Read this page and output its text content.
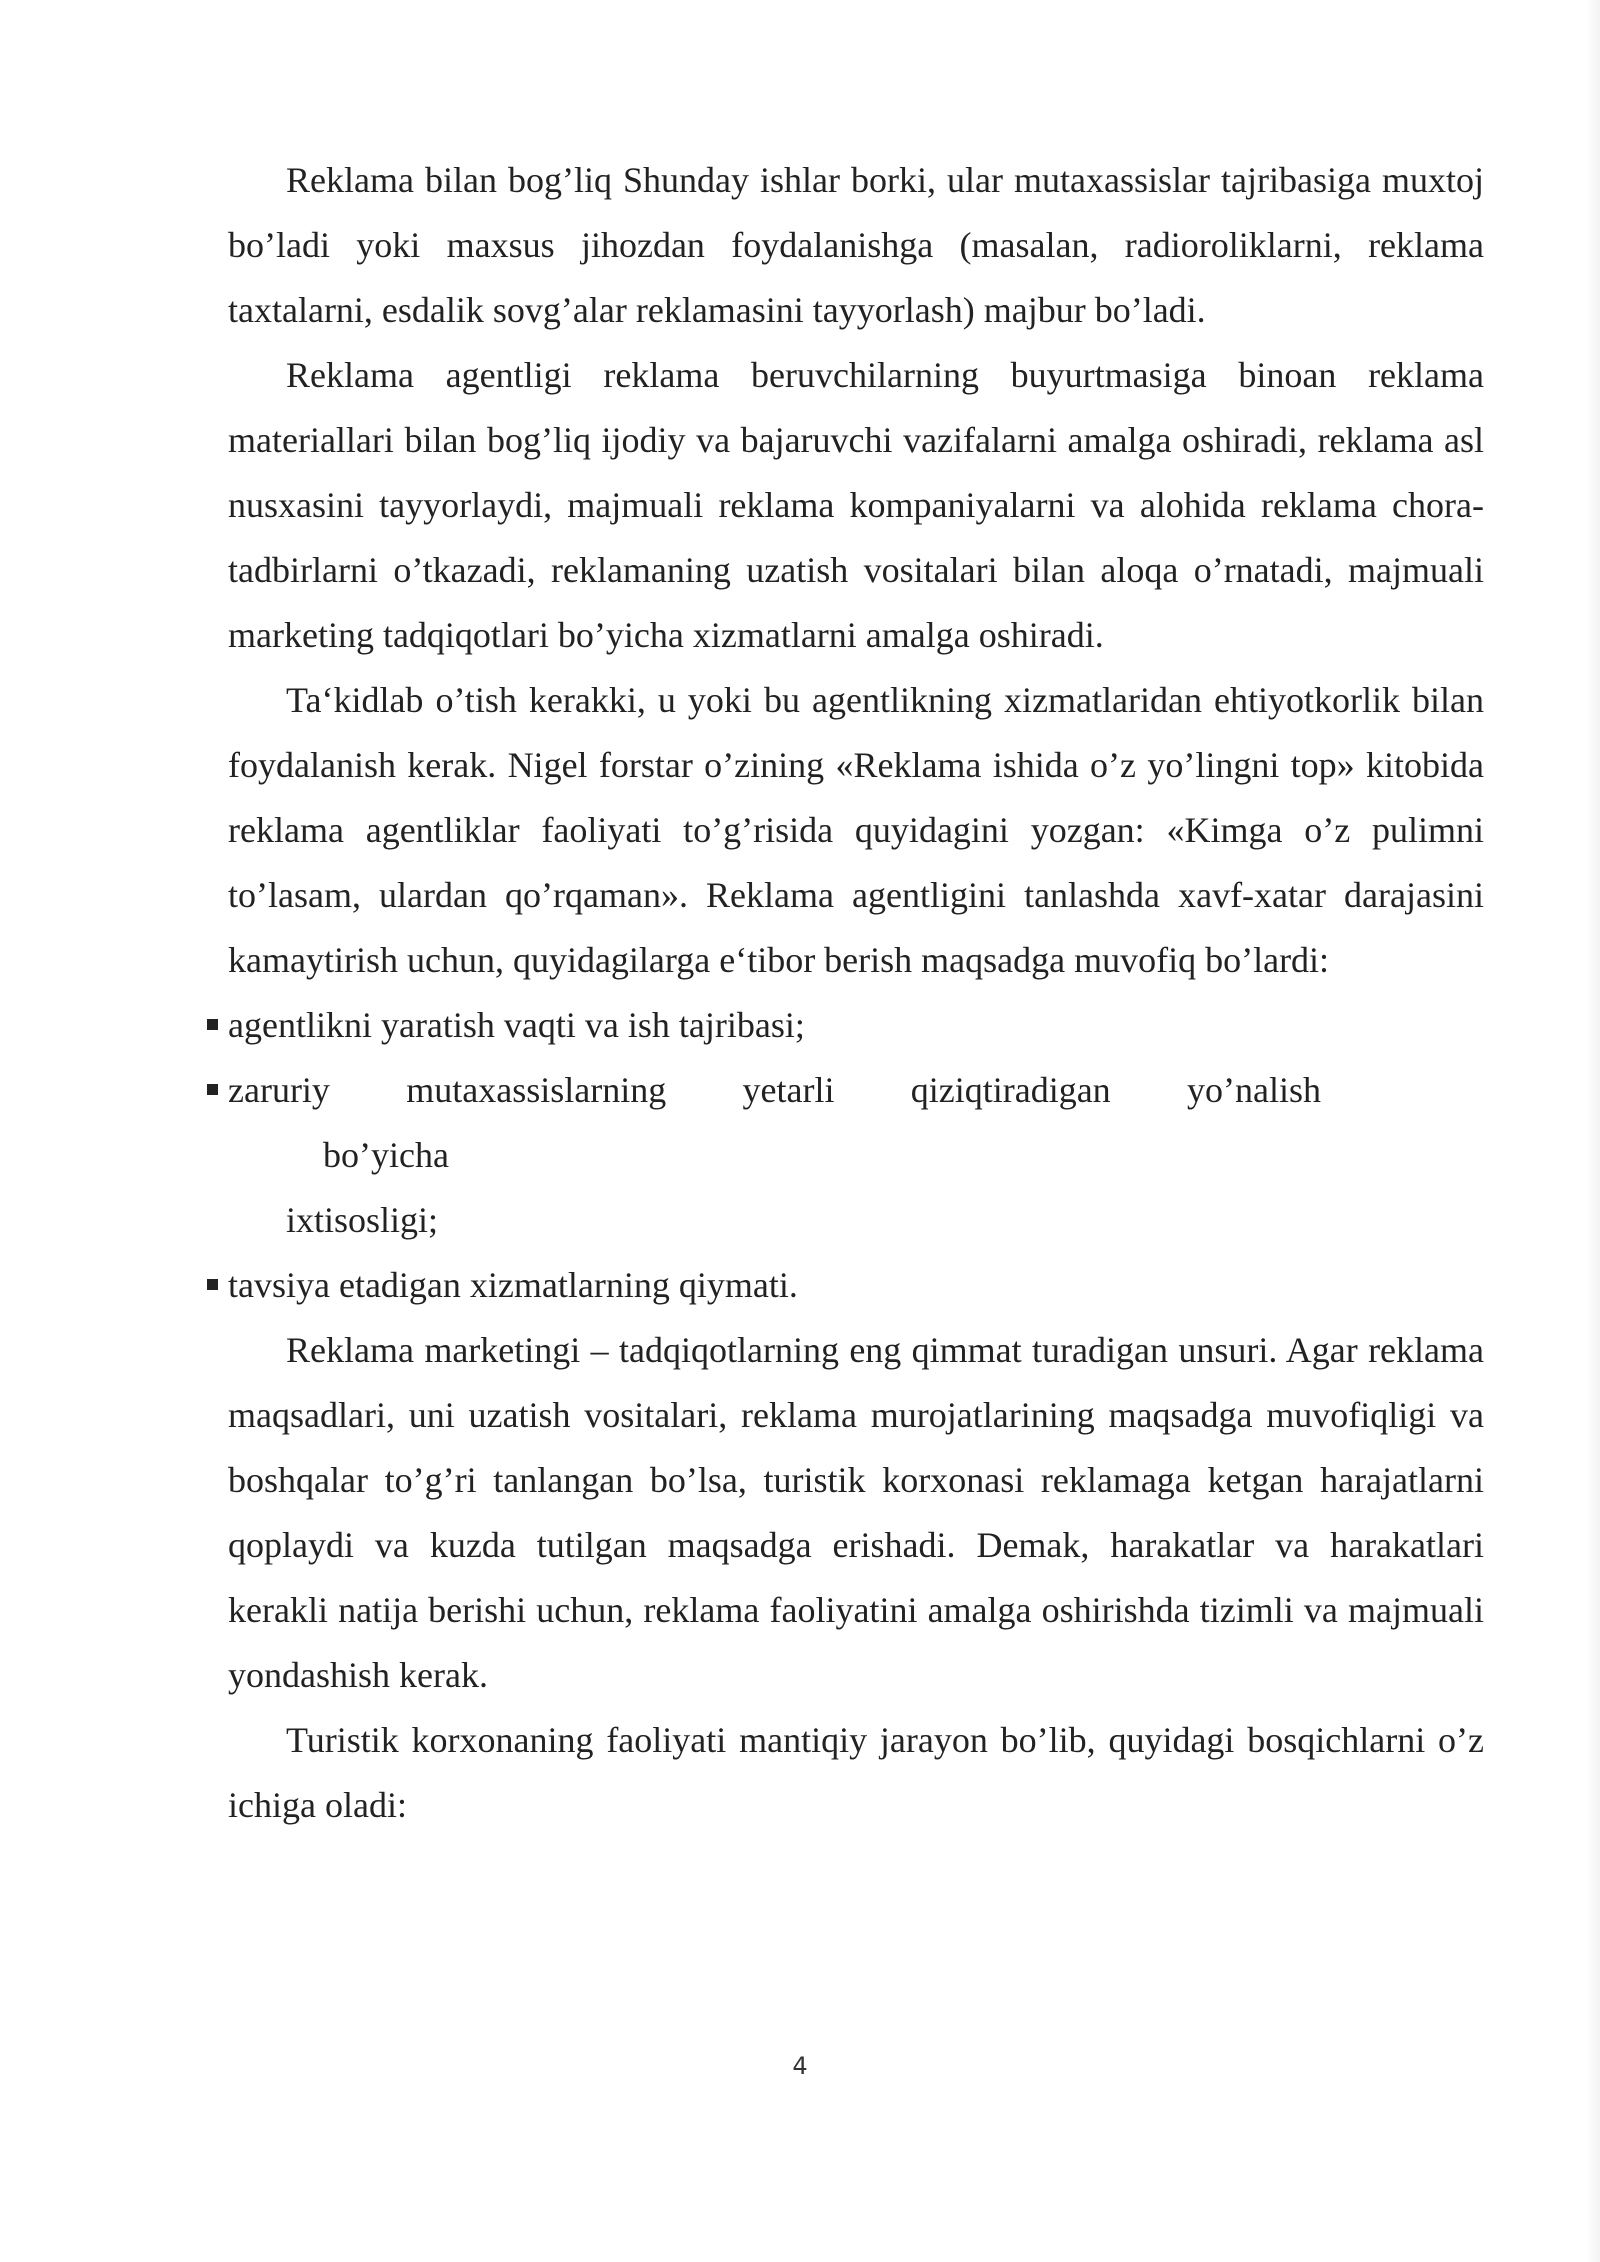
Reklama bilan bog’liq Shunday ishlar borki, ular mutaxassislar tajribasiga muxtoj bo’ladi yoki maxsus jihozdan foydalanishga (masalan, radioroliklarni, reklama taxtalarni, esdalik sovg’alar reklamasini tayyorlash) majbur bo’ladi.

Reklama agentligi reklama beruvchilarning buyurtmasiga binoan reklama materiallari bilan bog’liq ijodiy va bajaruvchi vazifalarni amalga oshiradi, reklama asl nusxasini tayyorlaydi, majmuali reklama kompaniyalarni va alohida reklama chora-tadbirlarni o’tkazadi, reklamaning uzatish vositalari bilan aloqa o’rnatadi, majmuali marketing tadqiqotlari bo’yicha xizmatlarni amalga oshiradi.

Ta‘kidlab o’tish kerakki, u yoki bu agentlikning xizmatlaridan ehtiyotkorlik bilan foydalanish kerak. Nigel forstar o’zining «Reklama ishida o’z yo’lingni top» kitobida reklama agentliklar faoliyati to’g’risida quyidagini yozgan: «Kimga o’z pulimni to’lasam, ulardan qo’rqaman». Reklama agentligini tanlashda xavf-xatar darajasini kamaytirish uchun, quyidagilarga e‘tibor berish maqsadga muvofiq bo’lardi:

agentlikni yaratish vaqti va ish tajribasi;
zaruriy mutaxassislarning yetarli qiziqtiradigan yo’nalish
bo’yicha
ixtisosligi;
tavsiya etadigan xizmatlarning qiymati.

Reklama marketingi – tadqiqotlarning eng qimmat turadigan unsuri. Agar reklama maqsadlari, uni uzatish vositalari, reklama murojatlarining maqsadga muvofiqligi va boshqalar to’g’ri tanlangan bo’lsa, turistik korxonasi reklamaga ketgan harajatlarni qoplaydi va kuzda tutilgan maqsadga erishadi. Demak, harakatlar va harakatlari kerakli natija berishi uchun, reklama faoliyatini amalga oshirishda tizimli va majmuali yondashish kerak.

Turistik korxonaning faoliyati mantiqiy jarayon bo’lib, quyidagi bosqichlarni o’z ichiga oladi:

4
